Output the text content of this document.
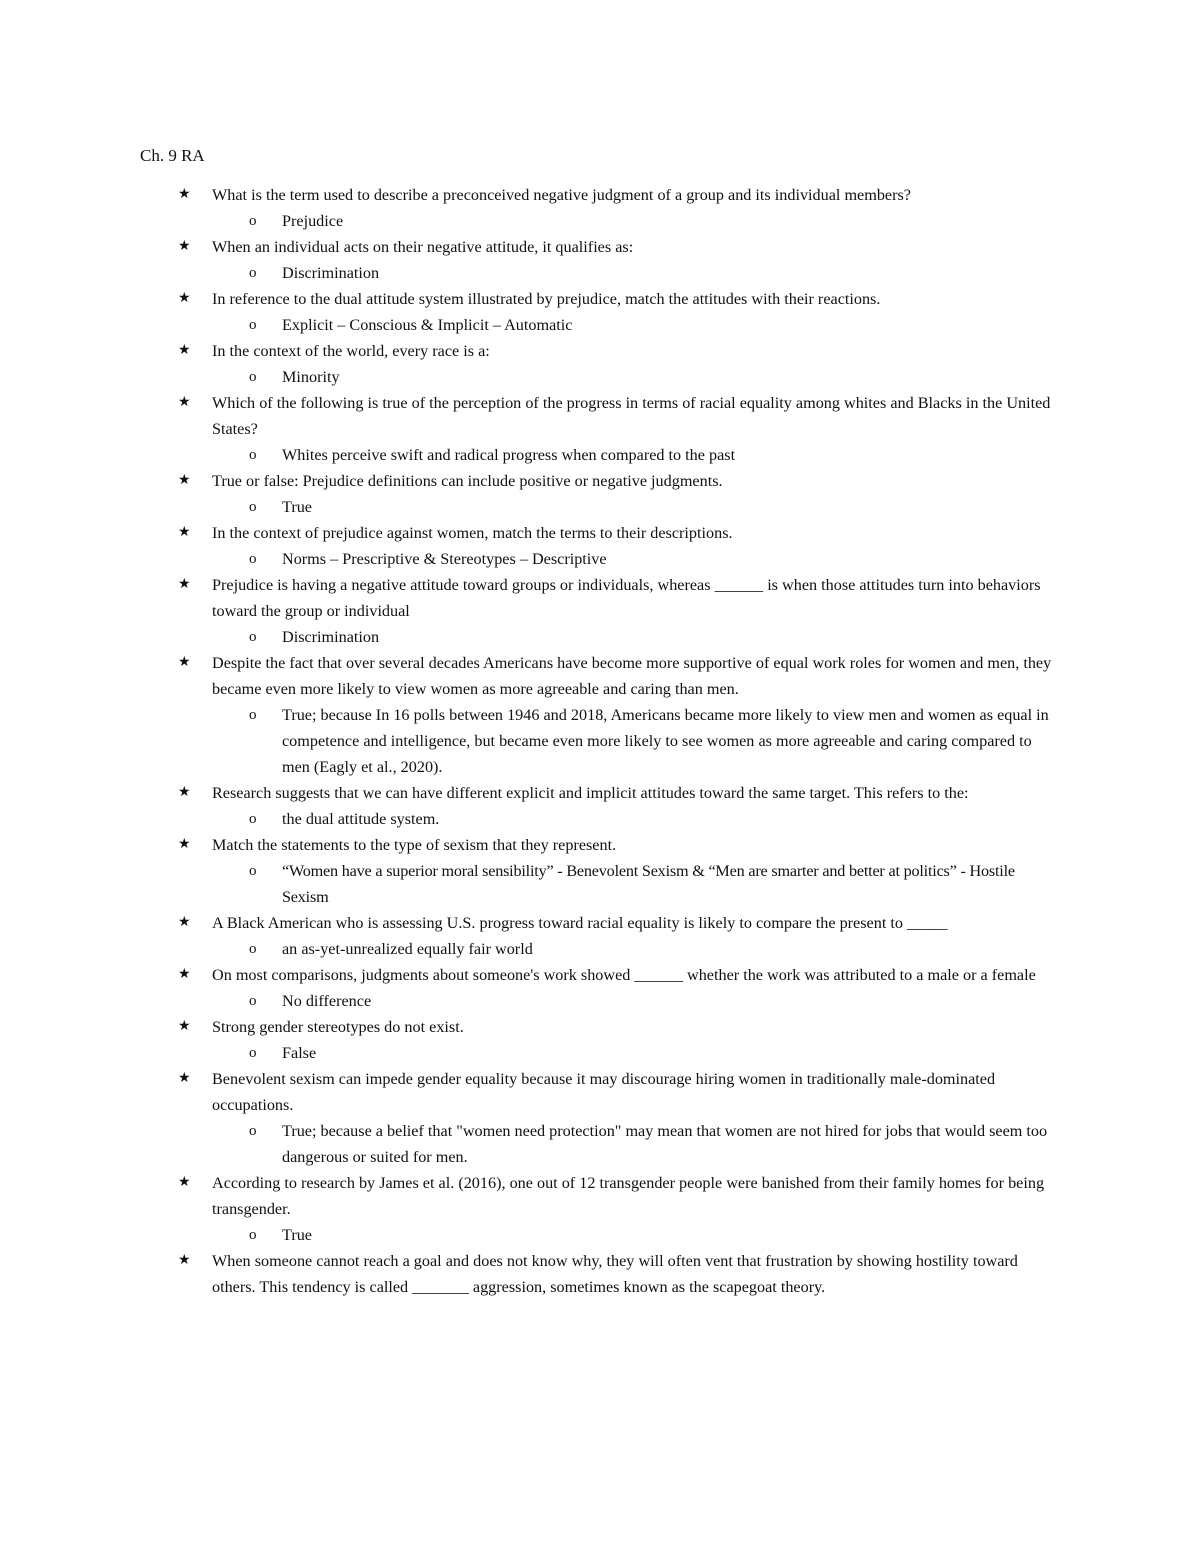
Ch. 9 RA
★	What is the term used to describe a preconceived negative judgment of a group and its individual members?
o Prejudice
★	When an individual acts on their negative attitude, it qualifies as:
o Discrimination
★	In reference to the dual attitude system illustrated by prejudice, match the attitudes with their reactions.
o Explicit – Conscious & Implicit – Automatic
★	In the context of the world, every race is a:
o Minority
★	Which of the following is true of the perception of the progress in terms of racial equality among whites and Blacks in the United States?
o Whites perceive swift and radical progress when compared to the past
★	True or false: Prejudice definitions can include positive or negative judgments.
o True
★	In the context of prejudice against women, match the terms to their descriptions.
o Norms – Prescriptive & Stereotypes – Descriptive
★	Prejudice is having a negative attitude toward groups or individuals, whereas ______ is when those attitudes turn into behaviors toward the group or individual
o Discrimination
★	Despite the fact that over several decades Americans have become more supportive of equal work roles for women and men, they became even more likely to view women as more agreeable and caring than men.
o True; because In 16 polls between 1946 and 2018, Americans became more likely to view men and women as equal in competence and intelligence, but became even more likely to see women as more agreeable and caring compared to men (Eagly et al., 2020).
★	Research suggests that we can have different explicit and implicit attitudes toward the same target. This refers to the:
o the dual attitude system.
★	Match the statements to the type of sexism that they represent.
o “Women have a superior moral sensibility” - Benevolent Sexism & “Men are smarter and better at politics” - Hostile Sexism
★	A Black American who is assessing U.S. progress toward racial equality is likely to compare the present to _____
o an as-yet-unrealized equally fair world
★	On most comparisons, judgments about someone's work showed ______ whether the work was attributed to a male or a female
o No difference
★	Strong gender stereotypes do not exist.
o False
★	Benevolent sexism can impede gender equality because it may discourage hiring women in traditionally male-dominated occupations.
o True; because a belief that "women need protection" may mean that women are not hired for jobs that would seem too dangerous or suited for men.
★	According to research by James et al. (2016), one out of 12 transgender people were banished from their family homes for being transgender.
o True
★	When someone cannot reach a goal and does not know why, they will often vent that frustration by showing hostility toward others. This tendency is called _______ aggression, sometimes known as the scapegoat theory.
